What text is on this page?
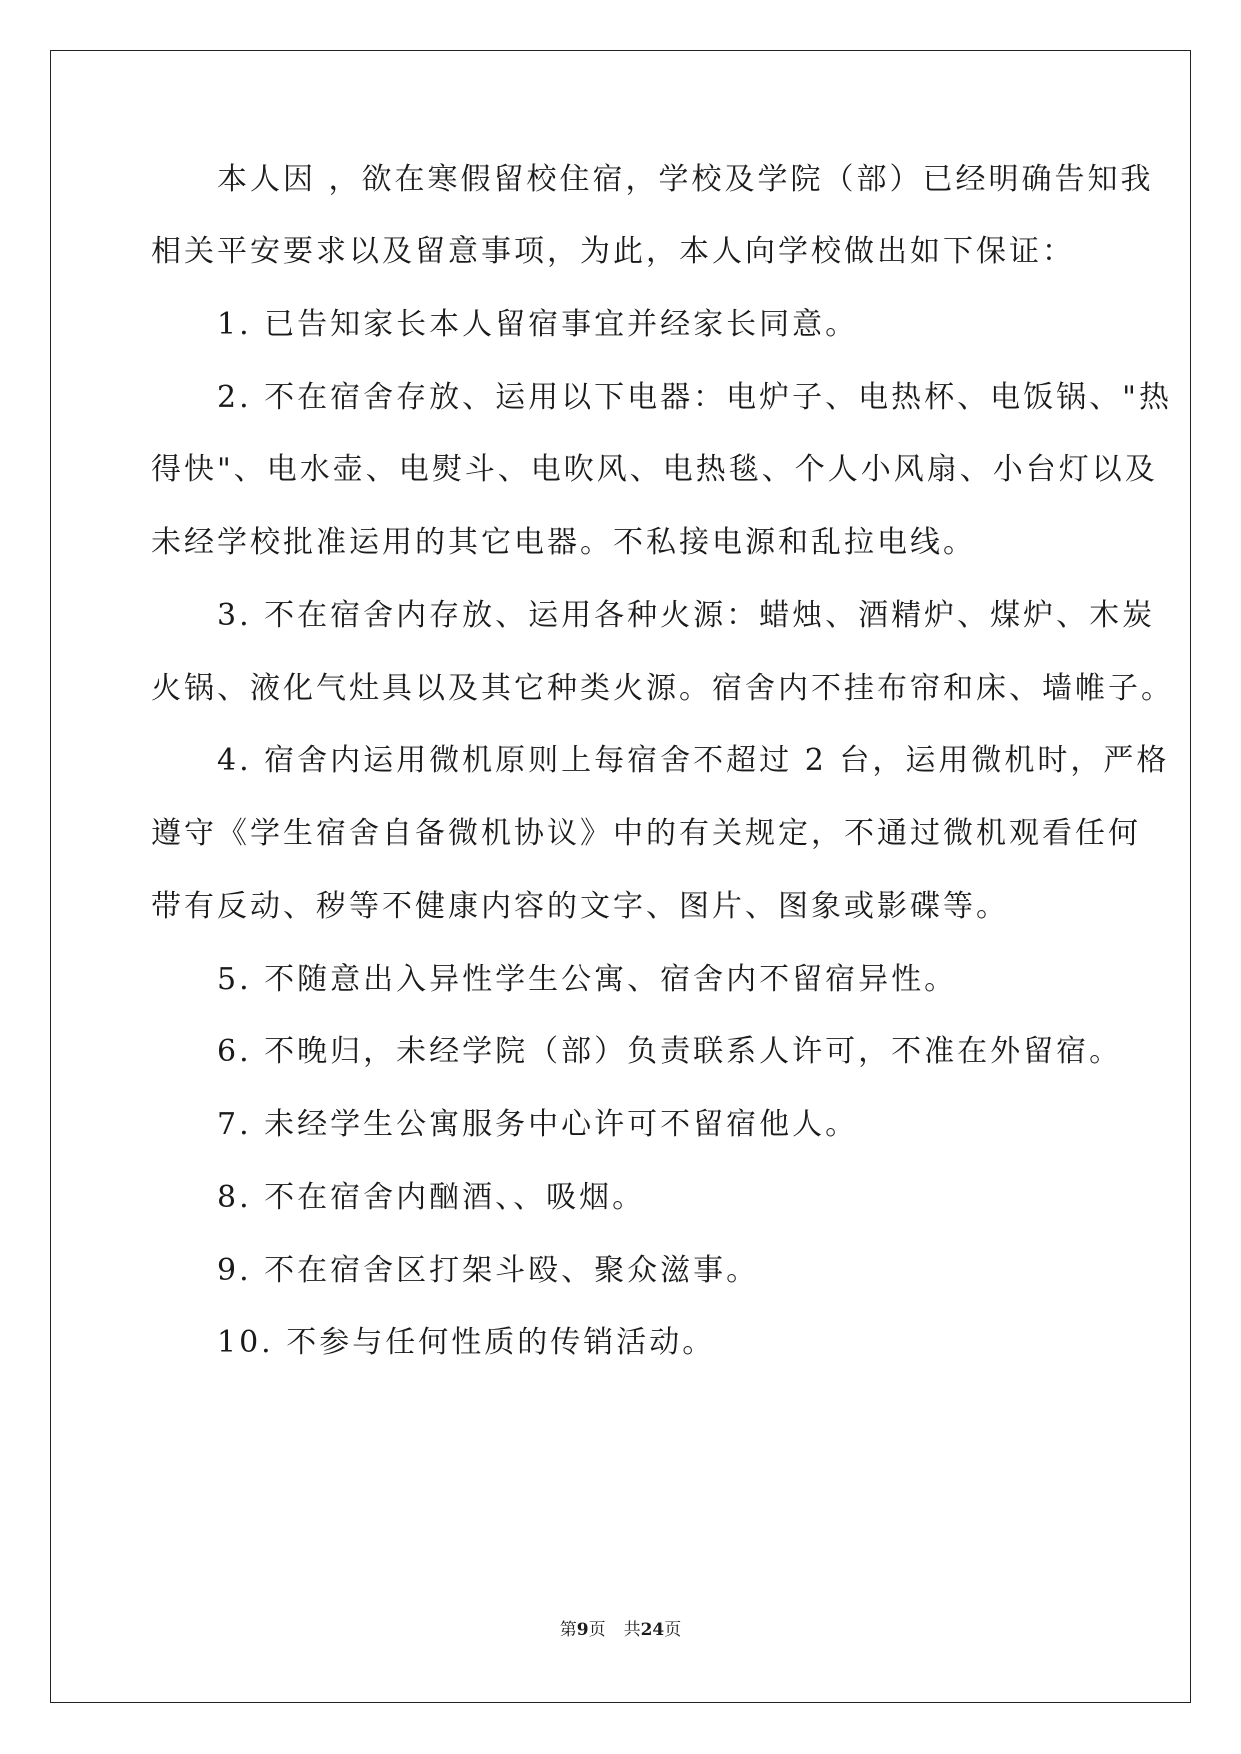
　　本人因 ，欲在寒假留校住宿，学校及学院（部）已经明确告知我
相关平安要求以及留意事项，为此，本人向学校做出如下保证：
　　1. 已告知家长本人留宿事宜并经家长同意。
　　2. 不在宿舍存放、运用以下电器：电炉子、电热杯、电饭锅、"热
得快"、电水壶、电熨斗、电吹风、电热毯、个人小风扇、小台灯以及
未经学校批准运用的其它电器。不私接电源和乱拉电线。
　　3. 不在宿舍内存放、运用各种火源：蜡烛、酒精炉、煤炉、木炭
火锅、液化气灶具以及其它种类火源。宿舍内不挂布帘和床、墙帷子。
　　4. 宿舍内运用微机原则上每宿舍不超过 2 台，运用微机时，严格
遵守《学生宿舍自备微机协议》中的有关规定，不通过微机观看任何
带有反动、秽等不健康内容的文字、图片、图象或影碟等。
　　5. 不随意出入异性学生公寓、宿舍内不留宿异性。
　　6. 不晚归，未经学院（部）负责联系人许可，不准在外留宿。
　　7. 未经学生公寓服务中心许可不留宿他人。
　　8. 不在宿舍内酗酒、、吸烟。
　　9. 不在宿舍区打架斗殴、聚众滋事。
　　10. 不参与任何性质的传销活动。
第9页 共24页
